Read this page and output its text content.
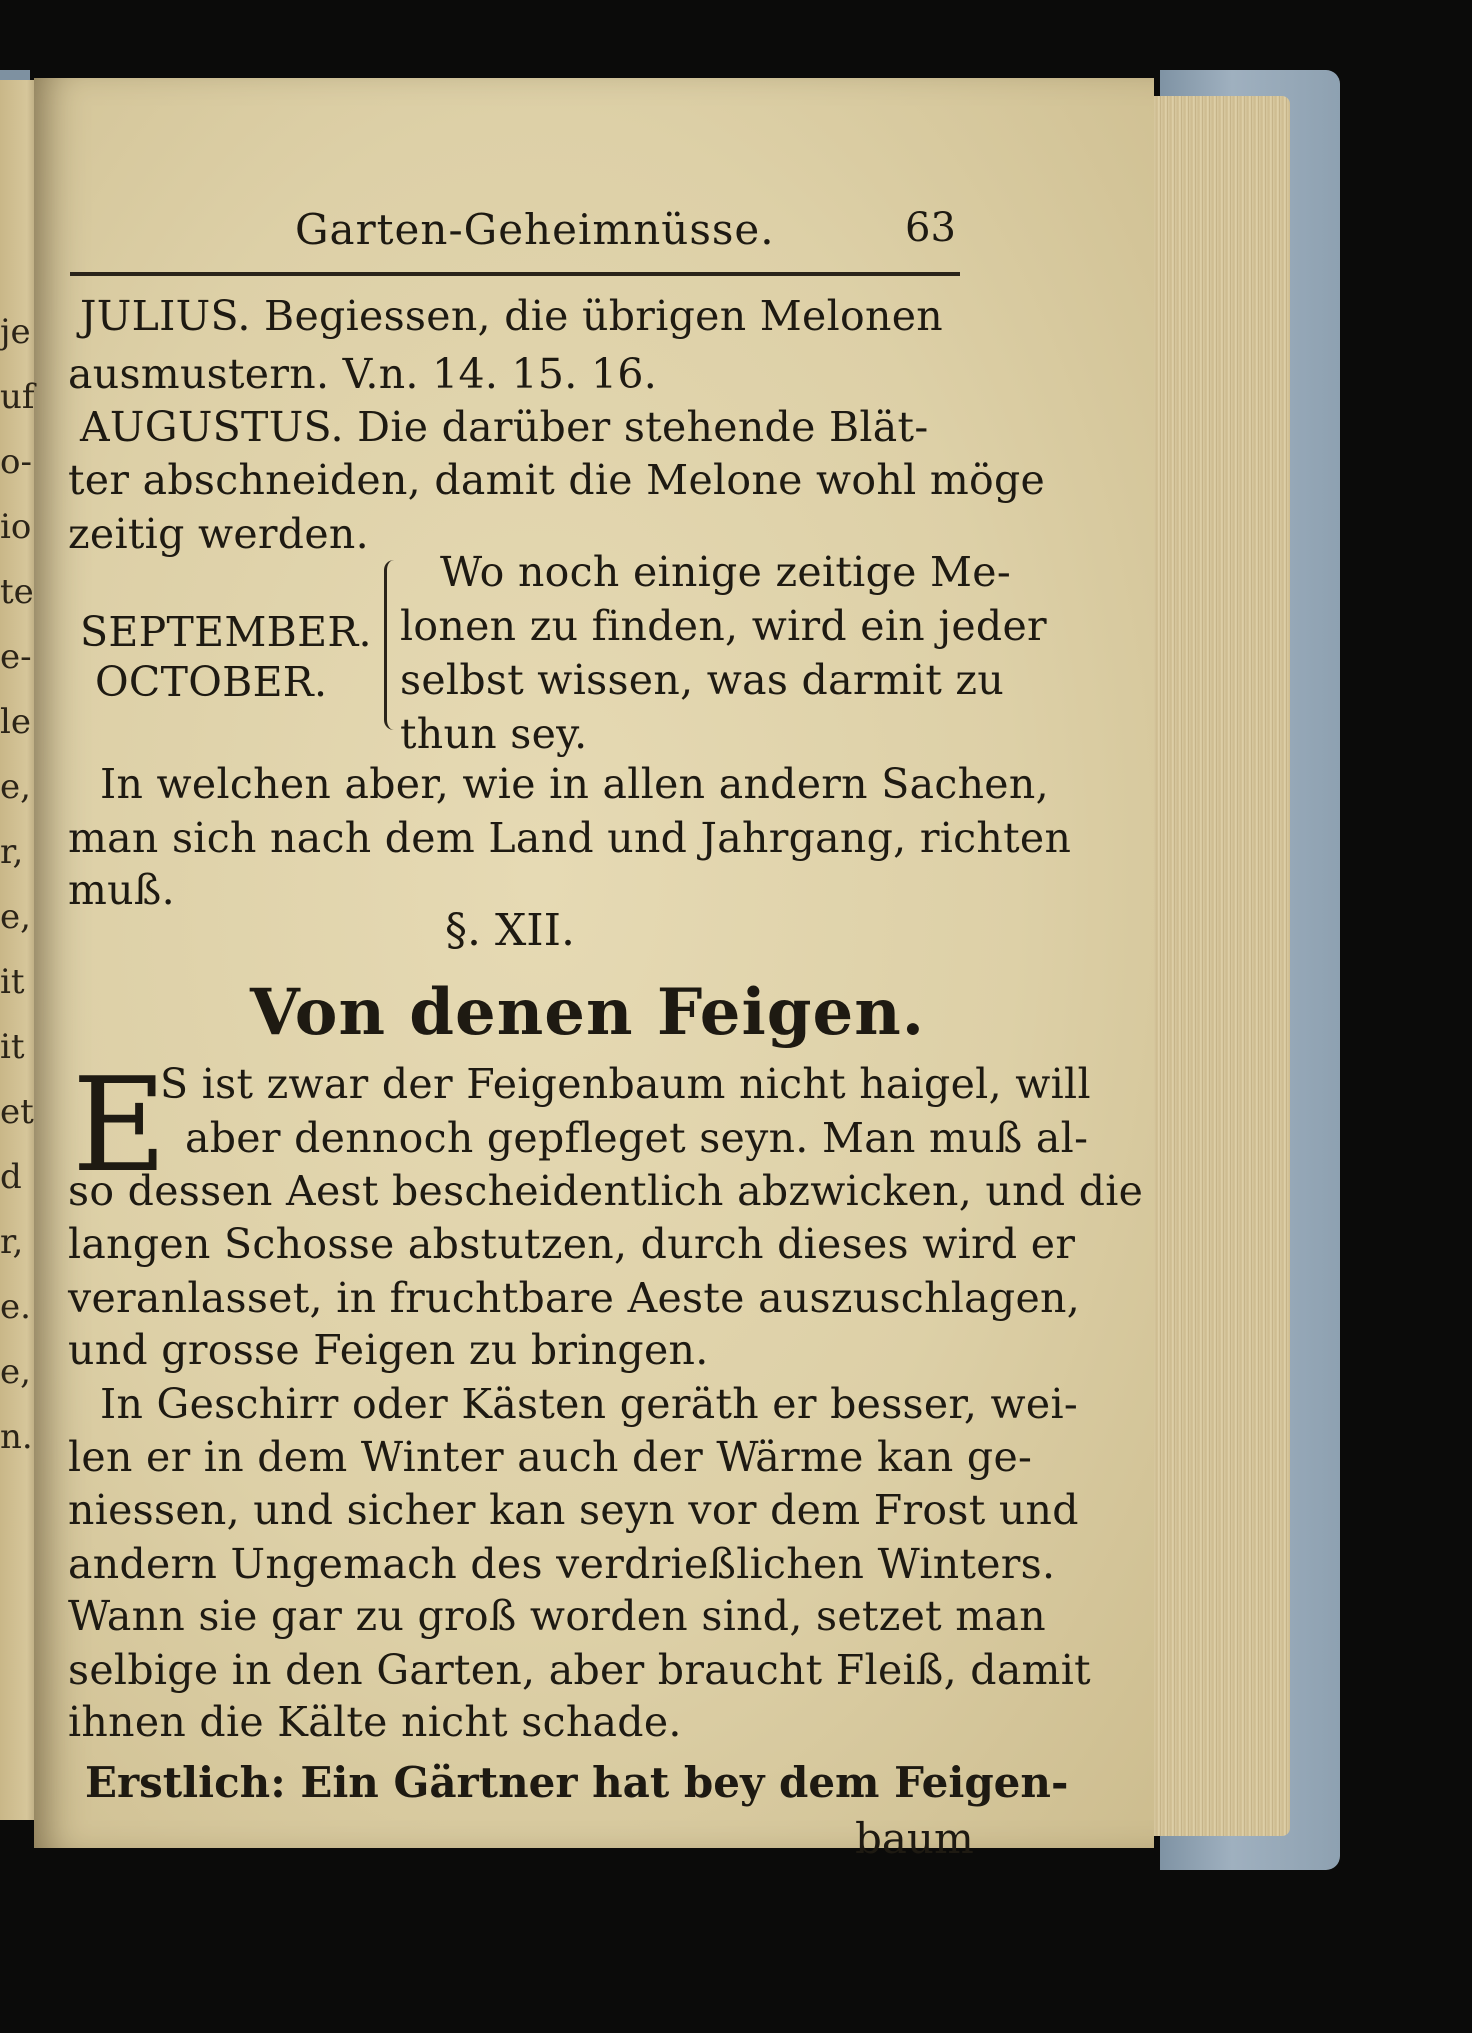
je
uf
o-
io
te
e-
le
e,
r,
e,
it
it
et
d
r,
e.
e,
n.
Garten-Geheimnüsse.	63
JULIUS. Begiessen, die übrigen Melonen
ausmustern. V.n. 14. 15. 16.
AUGUSTUS. Die darüber stehende Blät-
ter abschneiden, damit die Melone wohl möge
zeitig werden.
SEPTEMBER.
OCTOBER.
Wo noch einige zeitige Me-
lonen zu finden, wird ein jeder
selbst wissen, was darmit zu
thun sey.
In welchen aber, wie in allen andern Sachen,
man sich nach dem Land und Jahrgang, richten
muß.
§. XII.
Von denen Feigen.
E
S ist zwar der Feigenbaum nicht haigel, will
aber dennoch gepfleget seyn. Man muß al-
so dessen Aest bescheidentlich abzwicken, und die
langen Schosse abstutzen, durch dieses wird er
veranlasset, in fruchtbare Aeste auszuschlagen,
und grosse Feigen zu bringen.
In Geschirr oder Kästen geräth er besser, wei-
len er in dem Winter auch der Wärme kan ge-
niessen, und sicher kan seyn vor dem Frost und
andern Ungemach des verdrießlichen Winters.
Wann sie gar zu groß worden sind, setzet man
selbige in den Garten, aber braucht Fleiß, damit
ihnen die Kälte nicht schade.
Erstlich: Ein Gärtner hat bey dem Feigen-
baum
